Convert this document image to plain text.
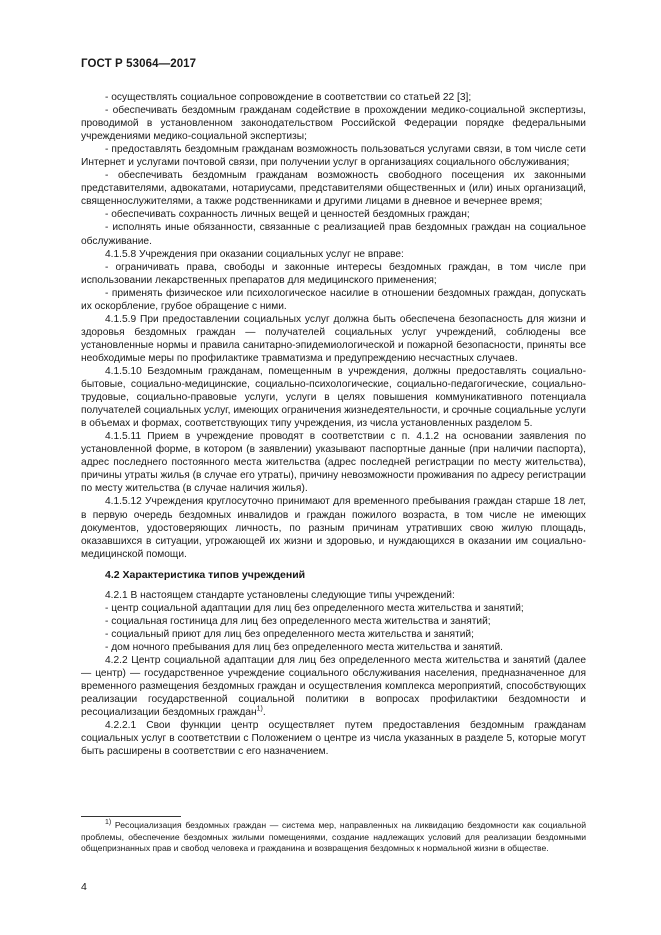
ГОСТ Р 53064—2017

- осуществлять социальное сопровождение в соответствии со статьей 22 [3];

- обеспечивать бездомным гражданам содействие в прохождении медико-социальной экспертизы, проводимой в установленном законодательством Российской Федерации порядке федеральными учреждениями медико-социальной экспертизы;

- предоставлять бездомным гражданам возможность пользоваться услугами связи, в том числе сети Интернет и услугами почтовой связи, при получении услуг в организациях социального обслуживания;

- обеспечивать бездомным гражданам возможность свободного посещения их законными представителями, адвокатами, нотариусами, представителями общественных и (или) иных организаций, священнослужителями, а также родственниками и другими лицами в дневное и вечернее время;

- обеспечивать сохранность личных вещей и ценностей бездомных граждан;

- исполнять иные обязанности, связанные с реализацией прав бездомных граждан на социальное обслуживание.

4.1.5.8 Учреждения при оказании социальных услуг не вправе:

- ограничивать права, свободы и законные интересы бездомных граждан, в том числе при использовании лекарственных препаратов для медицинского применения;

- применять физическое или психологическое насилие в отношении бездомных граждан, допускать их оскорбление, грубое обращение с ними.

4.1.5.9 При предоставлении социальных услуг должна быть обеспечена безопасность для жизни и здоровья бездомных граждан — получателей социальных услуг учреждений, соблюдены все установленные нормы и правила санитарно-эпидемиологической и пожарной безопасности, приняты все необходимые меры по профилактике травматизма и предупреждению несчастных случаев.

4.1.5.10 Бездомным гражданам, помещенным в учреждения, должны предоставлять социально-бытовые, социально-медицинские, социально-психологические, социально-педагогические, социально-трудовые, социально-правовые услуги, услуги в целях повышения коммуникативного потенциала получателей социальных услуг, имеющих ограничения жизнедеятельности, и срочные социальные услуги в объемах и формах, соответствующих типу учреждения, из числа установленных разделом 5.

4.1.5.11 Прием в учреждение проводят в соответствии с п. 4.1.2 на основании заявления по установленной форме, в котором (в заявлении) указывают паспортные данные (при наличии паспорта), адрес последнего постоянного места жительства (адрес последней регистрации по месту жительства), причины утраты жилья (в случае его утраты), причину невозможности проживания по адресу регистрации по месту жительства (в случае наличия жилья).

4.1.5.12 Учреждения круглосуточно принимают для временного пребывания граждан старше 18 лет, в первую очередь бездомных инвалидов и граждан пожилого возраста, в том числе не имеющих документов, удостоверяющих личность, по разным причинам утративших свою жилую площадь, оказавшихся в ситуации, угрожающей их жизни и здоровью, и нуждающихся в оказании им социально-медицинской помощи.

4.2 Характеристика типов учреждений

4.2.1 В настоящем стандарте установлены следующие типы учреждений:

- центр социальной адаптации для лиц без определенного места жительства и занятий;

- социальная гостиница для лиц без определенного места жительства и занятий;

- социальный приют для лиц без определенного места жительства и занятий;

- дом ночного пребывания для лиц без определенного места жительства и занятий.

4.2.2 Центр социальной адаптации для лиц без определенного места жительства и занятий (далее — центр) — государственное учреждение социального обслуживания населения, предназначенное для временного размещения бездомных граждан и осуществления комплекса мероприятий, способствующих реализации государственной социальной политики в вопросах профилактики бездомности и ресоциализации бездомных граждан$^{1)}$.

4.2.2.1 Свои функции центр осуществляет путем предоставления бездомным гражданам социальных услуг в соответствии с Положением о центре из числа указанных в разделе 5, которые могут быть расширены в соответствии с его назначением.

$^{1)}$ Ресоциализация бездомных граждан — система мер, направленных на ликвидацию бездомности как социальной проблемы, обеспечение бездомных жилыми помещениями, создание надлежащих условий для реализации бездомными общепризнанных прав и свобод человека и гражданина и возвращения бездомных к нормальной жизни в обществе.
4
